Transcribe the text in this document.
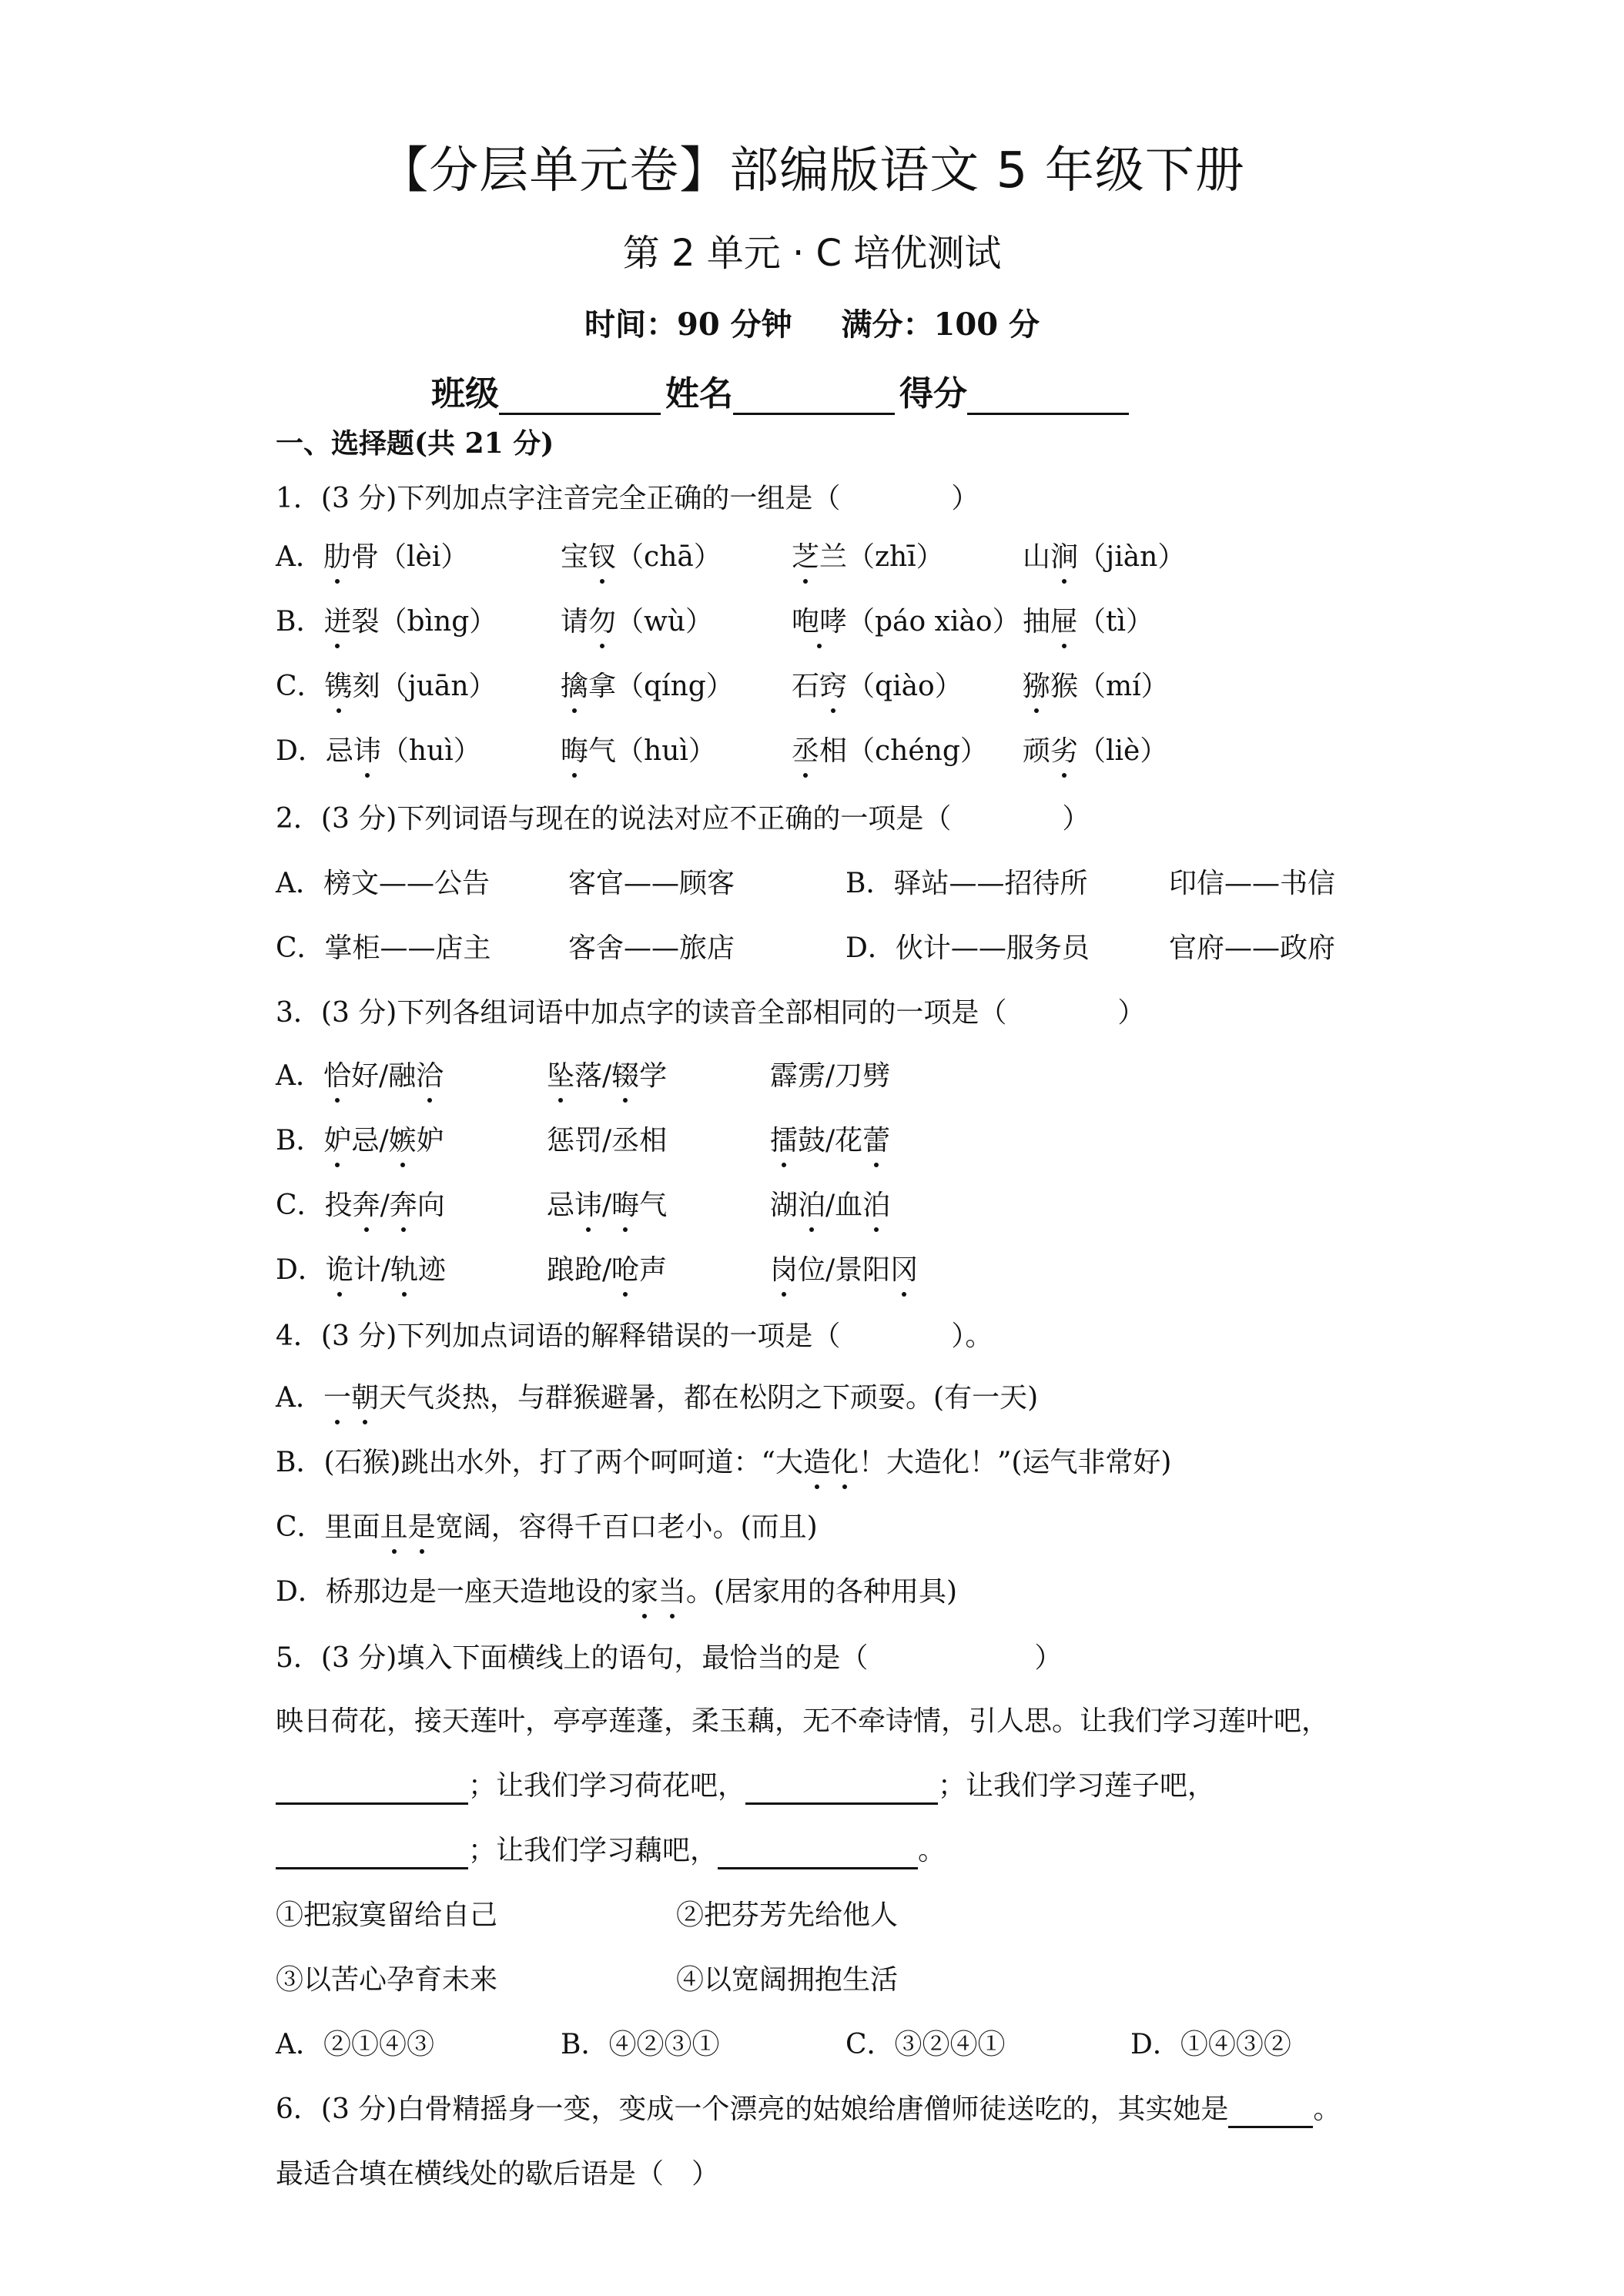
【分层单元卷】部编版语文 5 年级下册
第 2 单元 · C 培优测试
时间：90 分钟 满分：100 分
班级	姓名	得分
一、选择题(共 21 分)
1．(3 分)下列加点字注音完全正确的一组是（　　　　）
A．肋骨（lèi）	宝钗（chā）	芝兰（zhī）	山涧（jiàn）
B．迸裂（bìng） 请勿（wù）	咆哮（páo xiào） 抽屉（tì）
C．镌刻（juān） 擒拿（qíng） 石窍（qiào） 猕猴（mí）
D．忌讳（huì）	晦气（huì）	丞相（chéng） 顽劣（liè）
2．(3 分)下列词语与现在的说法对应不正确的一项是（　　　　）
A．榜文——公告	客官——顾客	B．驿站——招待所	印信——书信
C．掌柜——店主	客舍——旅店	D．伙计——服务员	官府——政府
3．(3 分)下列各组词语中加点字的读音全部相同的一项是（　　　　）
A．恰好/融洽	坠落/辍学	霹雳/刀劈
B．妒忌/嫉妒	惩罚/丞相	擂鼓/花蕾
C．投奔/奔向	忌讳/晦气	湖泊/血泊
D．诡计/轨迹	踉跄/呛声	岗位/景阳冈
4．(3 分)下列加点词语的解释错误的一项是（　　　　）。
A．一朝天气炎热，与群猴避暑，都在松阴之下顽耍。(有一天)
B．(石猴)跳出水外，打了两个呵呵道：“大造化！大造化！”(运气非常好)
C．里面且是宽阔，容得千百口老小。(而且)
D．桥那边是一座天造地设的家当。(居家用的各种用具)
5．(3 分)填入下面横线上的语句，最恰当的是（　　　　　　）
映日荷花，接天莲叶，亭亭莲蓬，柔玉藕，无不牵诗情，引人思。让我们学习莲叶吧，
；让我们学习荷花吧，	；让我们学习莲子吧，
；让我们学习藕吧，	。
①把寂寞留给自己	②把芬芳先给他人
③以苦心孕育未来	④以宽阔拥抱生活
A．②①④③	B．④②③①	C．③②④①	D．①④③②
6．(3 分)白骨精摇身一变，变成一个漂亮的姑娘给唐僧师徒送吃的，其实她是	。
最适合填在横线处的歇后语是（　）
